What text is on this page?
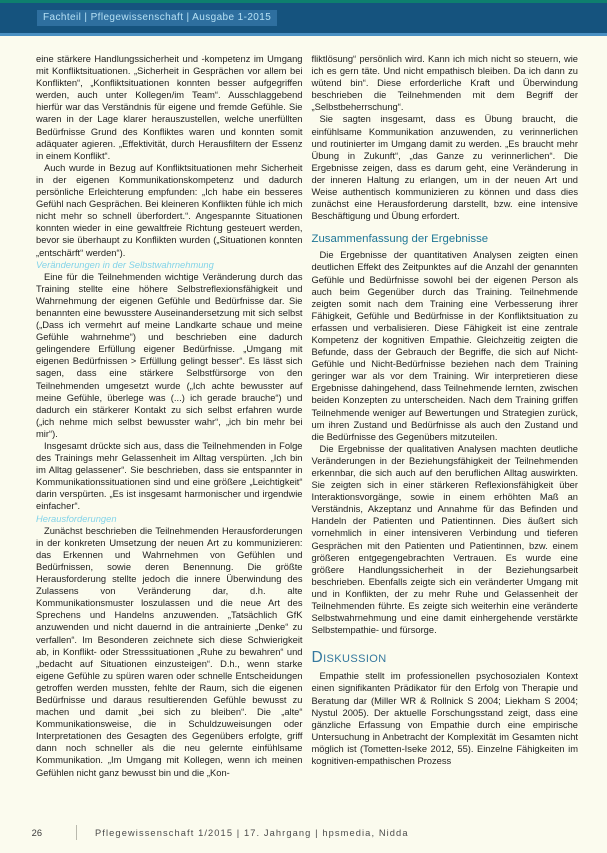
Fachteil | Pflegewissenschaft | Ausgabe 1-2015

eine stärkere Handlungssicherheit und -kompetenz im Umgang mit Konfliktsituationen. „Sicherheit in Gesprächen vor allem bei Konflikten“, „Konfliktsituationen konnten besser aufgegriffen werden, auch unter Kollegen/im Team“. Ausschlaggebend hierfür war das Verständnis für eigene und fremde Gefühle. Sie waren in der Lage klarer herauszustellen, welche unerfüllten Bedürfnisse Grund des Konfliktes waren und konnten somit adäquater agieren. „Effektivität, durch Herausfiltern der Essenz in einem Konflikt“.

Auch wurde in Bezug auf Konfliktsituationen mehr Sicherheit in der eigenen Kommunikationskompetenz und dadurch persönliche Erleichterung empfunden: „Ich habe ein besseres Gefühl nach Gesprächen. Bei kleineren Konflikten fühle ich mich nicht mehr so schnell überfordert.“. Angespannte Situationen konnten wieder in eine gewaltfreie Richtung gesteuert werden, bevor sie überhaupt zu Konflikten wurden („Situationen konnten „entschärft“ werden“).

Veränderungen in der Selbstwahrnehmung

Eine für die Teilnehmenden wichtige Veränderung durch das Training stellte eine höhere Selbstreflexionsfähigkeit und Wahrnehmung der eigenen Gefühle und Bedürfnisse dar. Sie benannten eine bewusstere Auseinandersetzung mit sich selbst („Dass ich vermehrt auf meine Landkarte schaue und meine Gefühle wahrnehme“) und beschrieben eine dadurch gelingendere Erfüllung eigener Bedürfnisse. „Umgang mit eigenen Bedürfnissen > Erfüllung gelingt besser“. Es lässt sich sagen, dass eine stärkere Selbstfürsorge von den Teilnehmenden umgesetzt wurde („Ich achte bewusster auf meine Gefühle, überlege was (...) ich gerade brauche“) und dadurch ein stärkerer Kontakt zu sich selbst erfahren wurde („ich nehme mich selbst bewusster wahr“, „ich bin mehr bei mir“).

Insgesamt drückte sich aus, dass die Teilnehmenden in Folge des Trainings mehr Gelassenheit im Alltag verspürten. „Ich bin im Alltag gelassener“. Sie beschrieben, dass sie entspannter in Kommunikationssituationen sind und eine größere „Leichtigkeit“ darin verspürten. „Es ist insgesamt harmonischer und irgendwie einfacher“.

Herausforderungen

Zunächst beschrieben die Teilnehmenden Herausforderungen in der konkreten Umsetzung der neuen Art zu kommunizieren: das Erkennen und Wahrnehmen von Gefühlen und Bedürfnissen, sowie deren Benennung. Die größte Herausforderung stellte jedoch die innere Überwindung des Zulassens von Veränderung dar, d.h. alte Kommunikationsmuster loszulassen und die neue Art des Sprechens und Handelns anzuwenden. „Tatsächlich GfK anzuwenden und nicht dauernd in die antrainierte „Denke“ zu verfallen“. Im Besonderen zeichnete sich diese Schwierigkeit ab, in Konflikt- oder Stresssituationen „Ruhe zu bewahren“ und „bedacht auf Situationen einzusteigen“. D.h., wenn starke eigene Gefühle zu spüren waren oder schnelle Entscheidungen getroffen werden mussten, fehlte der Raum, sich die eigenen Bedürfnisse und daraus resultierenden Gefühle bewusst zu machen und damit „bei sich zu bleiben“. Die „alte“ Kommunikationsweise, die in Schuldzuweisungen oder Interpretationen des Gesagten des Gegenübers erfolgte, griff dann noch schneller als die neu gelernte einfühlsame Kommunikation. „Im Umgang mit Kollegen, wenn ich meinen Gefühlen nicht ganz bewusst bin und die „Kon-

fliktlösung“ persönlich wird. Kann ich mich nicht so steuern, wie ich es gern täte. Und nicht empathisch bleiben. Da ich dann zu wütend bin“. Diese erforderliche Kraft und Überwindung beschrieben die Teilnehmenden mit dem Begriff der „Selbstbeherrschung“.

Sie sagten insgesamt, dass es Übung braucht, die einfühlsame Kommunikation anzuwenden, zu verinnerlichen und routinierter im Umgang damit zu werden. „Es braucht mehr Übung in Zukunft“, „das Ganze zu verinnerlichen“. Die Ergebnisse zeigen, dass es darum geht, eine Veränderung in der inneren Haltung zu erlangen, um in der neuen Art und Weise authentisch kommunizieren zu können und dass dies zunächst eine Herausforderung darstellt, bzw. eine intensive Beschäftigung und Übung erfordert.

Zusammenfassung der Ergebnisse

Die Ergebnisse der quantitativen Analysen zeigten einen deutlichen Effekt des Zeitpunktes auf die Anzahl der genannten Gefühle und Bedürfnisse sowohl bei der eigenen Person als auch beim Gegenüber durch das Training. Teilnehmende zeigten somit nach dem Training eine Verbesserung ihrer Fähigkeit, Gefühle und Bedürfnisse in der Konfliktsituation zu erfassen und verbalisieren. Diese Fähigkeit ist eine zentrale Kompetenz der kognitiven Empathie. Gleichzeitig zeigten die Befunde, dass der Gebrauch der Begriffe, die sich auf Nicht-Gefühle und Nicht-Bedürfnisse beziehen nach dem Training geringer war als vor dem Training. Wir interpretieren diese Ergebnisse dahingehend, dass Teilnehmende lernten, zwischen beiden Konzepten zu unterscheiden. Nach dem Training griffen Teilnehmende weniger auf Bewertungen und Strategien zurück, um ihren Zustand und Bedürfnisse als auch den Zustand und die Bedürfnisse des Gegenübers mitzuteilen.

Die Ergebnisse der qualitativen Analysen machten deutliche Veränderungen in der Beziehungsfähigkeit der Teilnehmenden erkennbar, die sich auch auf den beruflichen Alltag auswirkten. Sie zeigten sich in einer stärkeren Reflexionsfähigkeit über Interaktionsvorgänge, sowie in einem erhöhten Maß an Verständnis, Akzeptanz und Annahme für das Befinden und Handeln der Patienten und Patientinnen. Dies äußert sich vornehmlich in einer intensiveren Verbindung und tieferen Gesprächen mit den Patienten und Patientinnen, bzw. einem größeren entgegengebrachten Vertrauen. Es wurde eine größere Handlungssicherheit in der Beziehungsarbeit beschrieben. Ebenfalls zeigte sich ein veränderter Umgang mit und in Konflikten, der zu mehr Ruhe und Gelassenheit der Teilnehmenden führte. Es zeigte sich weiterhin eine veränderte Selbstwahrnehmung und eine damit einhergehende verstärkte Selbstempathie- und fürsorge.

Diskussion

Empathie stellt im professionellen psychosozialen Kontext einen signifikanten Prädikator für den Erfolg von Therapie und Beratung dar (Miller WR & Rollnick S 2004; Liekham S 2004; Nystul 2005). Der aktuelle Forschungsstand zeigt, dass eine gänzliche Erfassung von Empathie durch eine empirische Untersuchung in Anbetracht der Komplexität im Gesamten nicht möglich ist (Tometten-Iseke 2012, 55). Einzelne Fähigkeiten im kognitiven-empathischen Prozess

26	Pflegewissenschaft 1/2015 | 17. Jahrgang | hpsmedia, Nidda
